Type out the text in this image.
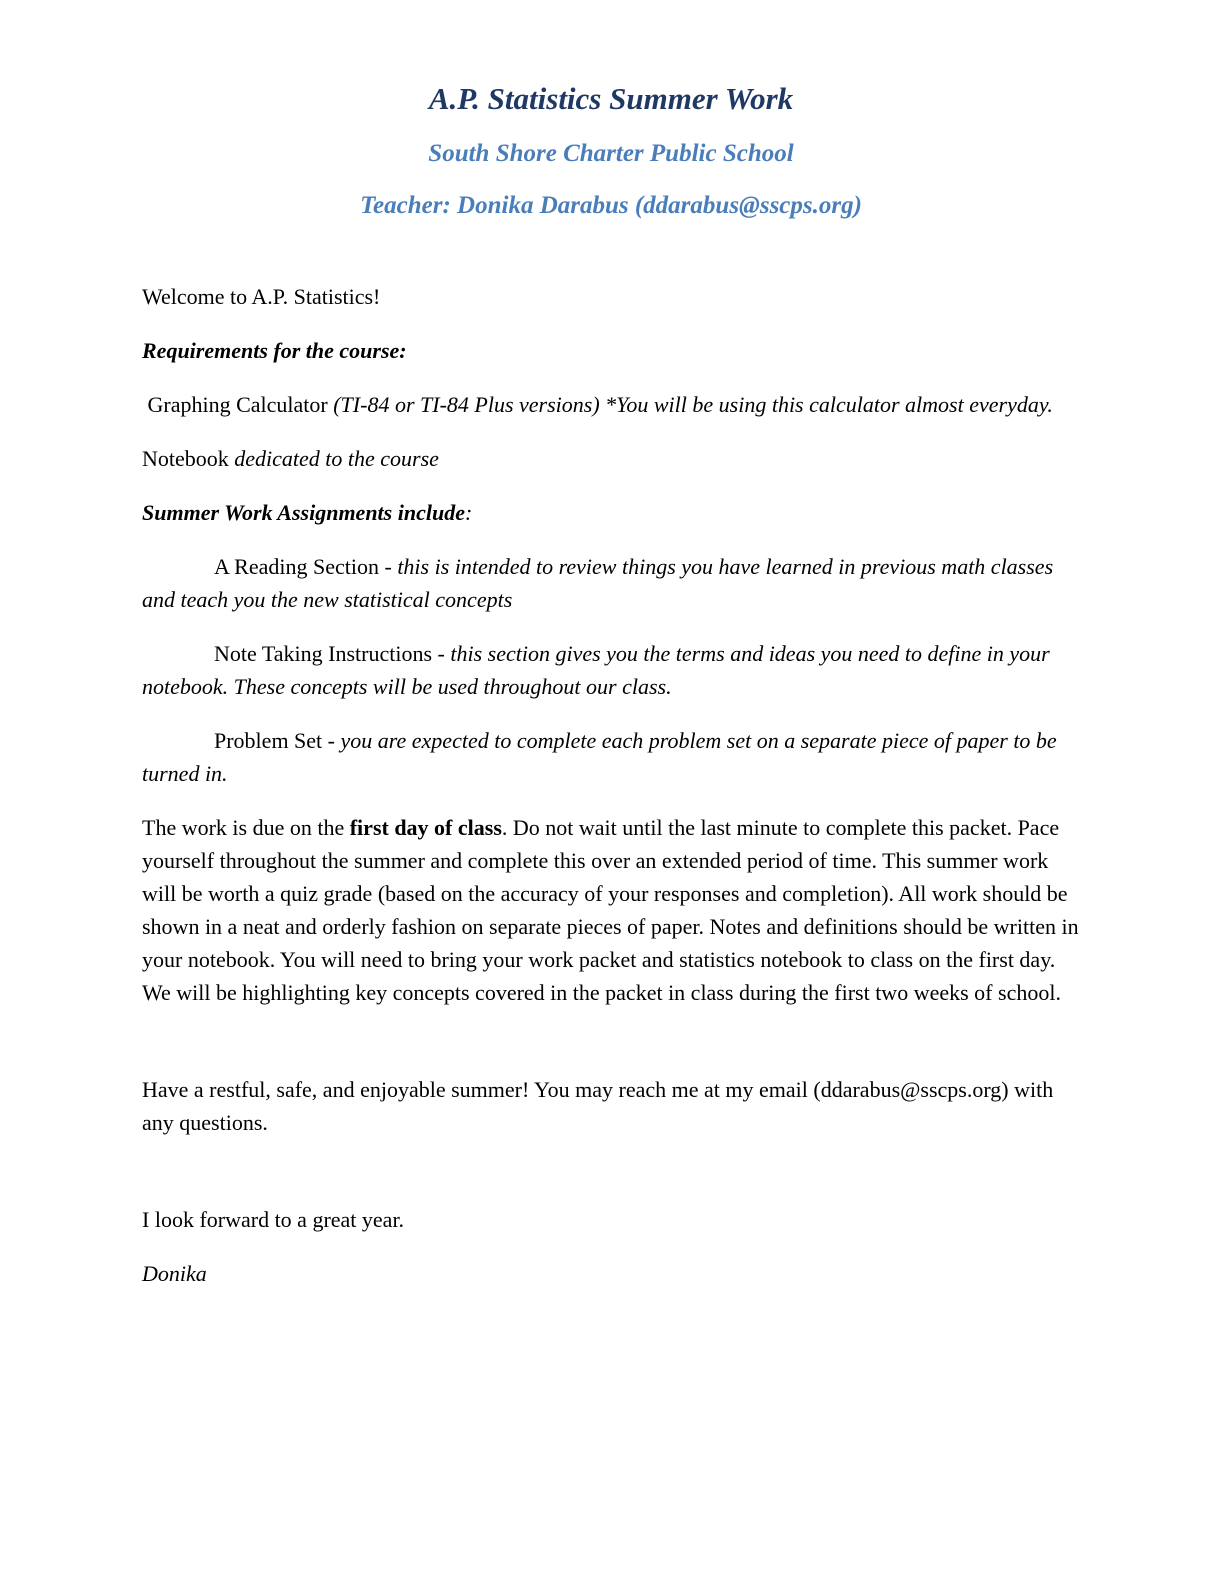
A.P. Statistics Summer Work
South Shore Charter Public School
Teacher: Donika Darabus (ddarabus@sscps.org)

Welcome to A.P. Statistics!

Requirements for the course:

Graphing Calculator (TI-84 or TI-84 Plus versions) *You will be using this calculator almost everyday.

Notebook dedicated to the course

Summer Work Assignments include:

A Reading Section - this is intended to review things you have learned in previous math classes and teach you the new statistical concepts

Note Taking Instructions - this section gives you the terms and ideas you need to define in your notebook. These concepts will be used throughout our class.

Problem Set - you are expected to complete each problem set on a separate piece of paper to be turned in.

The work is due on the first day of class. Do not wait until the last minute to complete this packet. Pace yourself throughout the summer and complete this over an extended period of time. This summer work will be worth a quiz grade (based on the accuracy of your responses and completion). All work should be shown in a neat and orderly fashion on separate pieces of paper. Notes and definitions should be written in your notebook. You will need to bring your work packet and statistics notebook to class on the first day. We will be highlighting key concepts covered in the packet in class during the first two weeks of school.

Have a restful, safe, and enjoyable summer! You may reach me at my email (ddarabus@sscps.org) with any questions.

I look forward to a great year.

Donika
